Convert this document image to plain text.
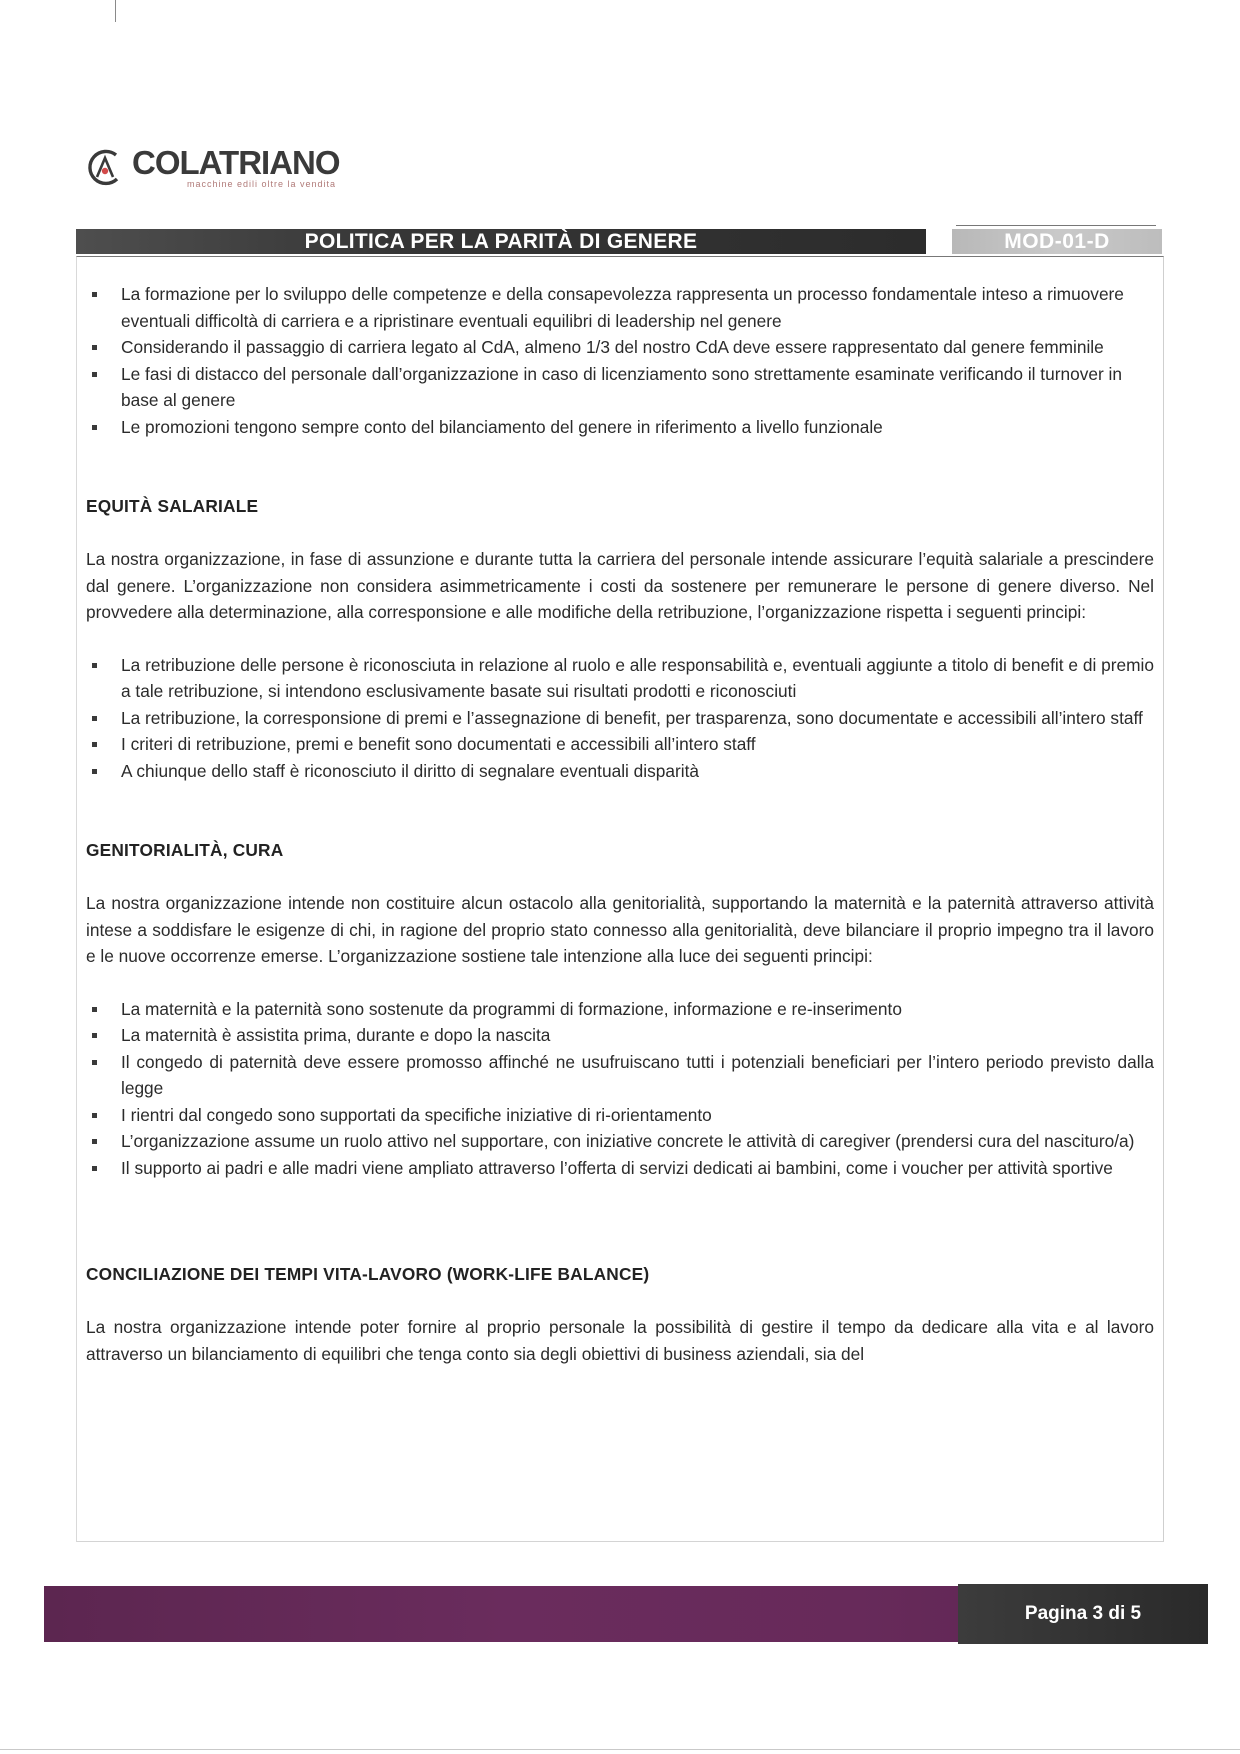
COLATRIANO
macchine edili oltre la vendita
POLITICA PER LA PARITÀ DI GENERE	MOD-01-D
La formazione per lo sviluppo delle competenze e della consapevolezza rappresenta un processo fondamentale inteso a rimuovere eventuali difficoltà di carriera e a ripristinare eventuali equilibri di leadership nel genere
Considerando il passaggio di carriera legato al CdA, almeno 1/3 del nostro CdA deve essere rappresentato dal genere femminile
Le fasi di distacco del personale dall’organizzazione in caso di licenziamento sono strettamente esaminate verificando il turnover in base al genere
Le promozioni tengono sempre conto del bilanciamento del genere in riferimento a livello funzionale
EQUITÀ SALARIALE

La nostra organizzazione, in fase di assunzione e durante tutta la carriera del personale intende assicurare l’equità salariale a prescindere dal genere. L’organizzazione non considera asimmetricamente i costi da sostenere per remunerare le persone di genere diverso. Nel provvedere alla determinazione, alla corresponsione e alle modifiche della retribuzione, l’organizzazione rispetta i seguenti principi:

La retribuzione delle persone è riconosciuta in relazione al ruolo e alle responsabilità e, eventuali aggiunte a titolo di benefit e di premio a tale retribuzione, si intendono esclusivamente basate sui risultati prodotti e riconosciuti
La retribuzione, la corresponsione di premi e l’assegnazione di benefit, per trasparenza, sono documentate e accessibili all’intero staff
I criteri di retribuzione, premi e benefit sono documentati e accessibili all’intero staff
A chiunque dello staff è riconosciuto il diritto di segnalare eventuali disparità
GENITORIALITÀ, CURA

La nostra organizzazione intende non costituire alcun ostacolo alla genitorialità, supportando la maternità e la paternità attraverso attività intese a soddisfare le esigenze di chi, in ragione del proprio stato connesso alla genitorialità, deve bilanciare il proprio impegno tra il lavoro e le nuove occorrenze emerse. L’organizzazione sostiene tale intenzione alla luce dei seguenti principi:

La maternità e la paternità sono sostenute da programmi di formazione, informazione e re-inserimento
La maternità è assistita prima, durante e dopo la nascita
Il congedo di paternità deve essere promosso affinché ne usufruiscano tutti i potenziali beneficiari per l’intero periodo previsto dalla legge
I rientri dal congedo sono supportati da specifiche iniziative di ri-orientamento
L’organizzazione assume un ruolo attivo nel supportare, con iniziative concrete le attività di caregiver (prendersi cura del nascituro/a)
Il supporto ai padri e alle madri viene ampliato attraverso l’offerta di servizi dedicati ai bambini, come i voucher per attività sportive
CONCILIAZIONE DEI TEMPI VITA-LAVORO (WORK-LIFE BALANCE)

La nostra organizzazione intende poter fornire al proprio personale la possibilità di gestire il tempo da dedicare alla vita e al lavoro attraverso un bilanciamento di equilibri che tenga conto sia degli obiettivi di business aziendali, sia del

Pagina 3 di 5
